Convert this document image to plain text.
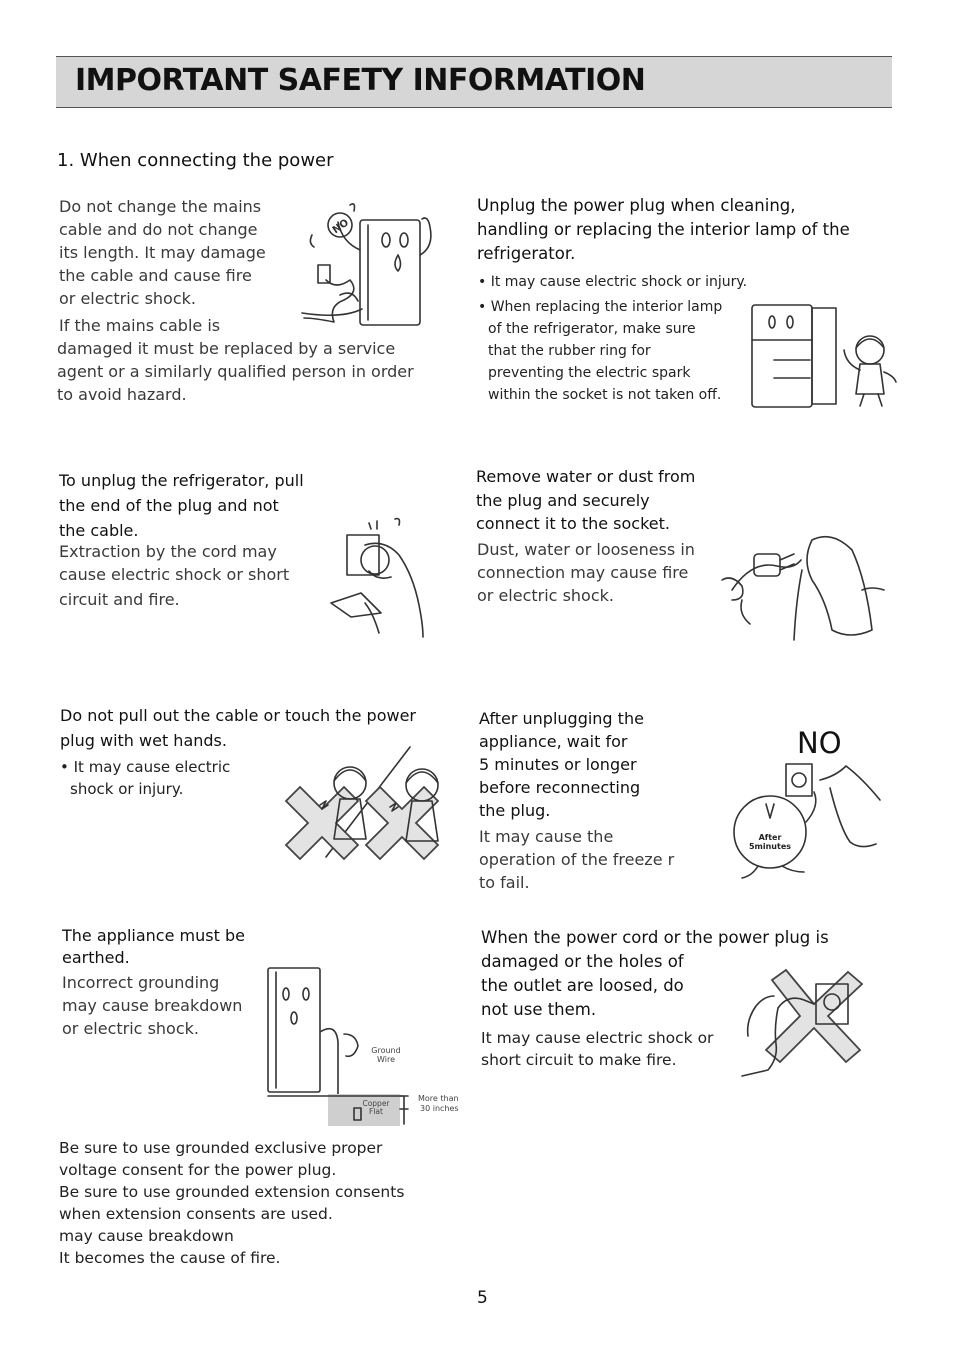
IMPORTANT SAFETY INFORMATION
1. When connecting the power
Do not change the mains
cable and do not change
its length. It may damage
the cable and cause fire
or electric shock.
If the mains cable is
damaged it must be replaced by a service
agent or a similarly qualified person in order
to avoid hazard.
NO
Unplug the power plug when cleaning,
handling or replacing the interior lamp of the
refrigerator.
• It may cause electric shock or injury.
• When replacing the interior lamp
of the refrigerator, make sure
that the rubber ring for
preventing the electric spark
within the socket is not taken off.
To unplug the refrigerator, pull
the end of the plug and not
the cable.
Extraction by the cord may
cause electric shock or short
circuit and fire.
Remove water or dust from
the plug and securely
connect it to the socket.
Dust, water or looseness in
connection may cause fire
or electric shock.
Do not pull out the cable or touch the power
plug with wet hands.
• It may cause electric
shock or injury.
After unplugging the
appliance, wait for
5 minutes or longer
before reconnecting
the plug.
It may cause the
operation of the freeze r
to fail.
NO
After
5minutes
The appliance must be
earthed.
Incorrect grounding
may cause breakdown
or electric shock.
Ground
Wire
Copper
Flat
More than
30 inches
When the power cord or the power plug is
damaged or the holes of
the outlet are loosed, do
not use them.
It may cause electric shock or
short circuit to make fire.
Be sure to use grounded exclusive proper
voltage consent for the power plug.
Be sure to use grounded extension consents
when extension consents are used.
may cause breakdown
It becomes the cause of fire.
5
